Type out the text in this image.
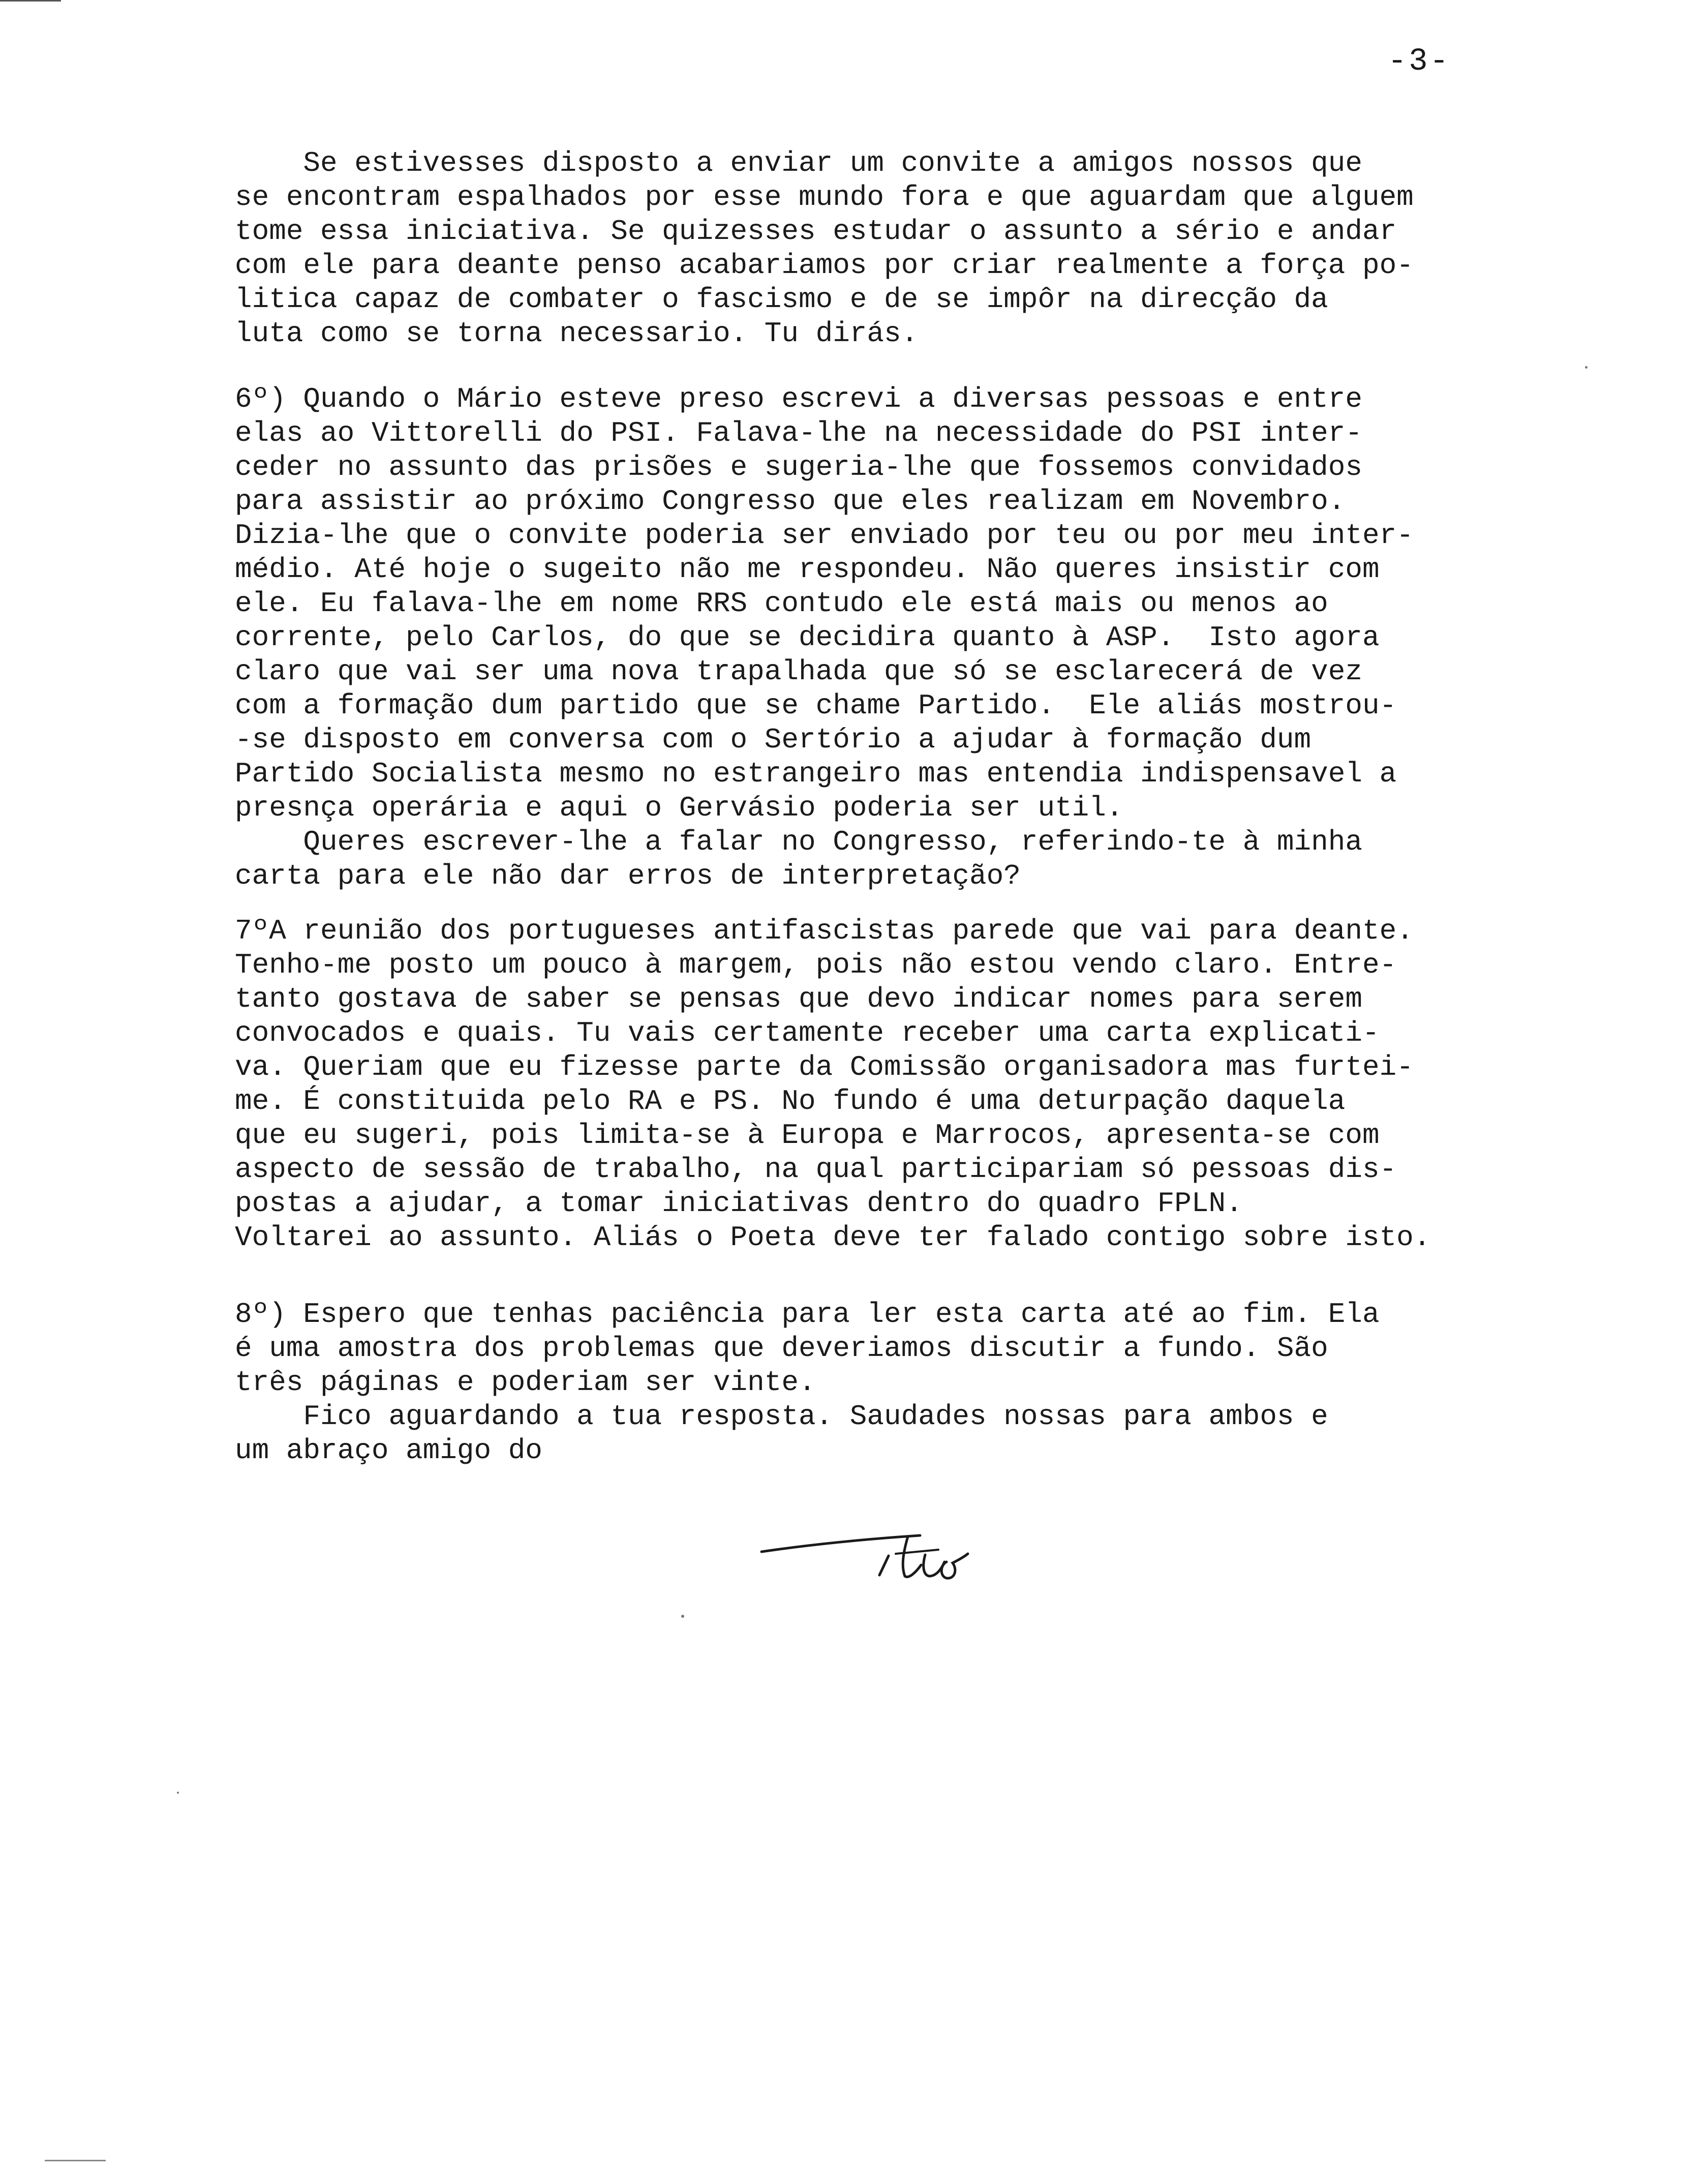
-3-
Se estivesses disposto a enviar um convite a amigos nossos que
se encontram espalhados por esse mundo fora e que aguardam que alguem
tome essa iniciativa. Se quizesses estudar o assunto a sério e andar
com ele para deante penso acabariamos por criar realmente a força po-
litica capaz de combater o fascismo e de se impôr na direcção da
luta como se torna necessario. Tu dirás.
6º) Quando o Mário esteve preso escrevi a diversas pessoas e entre
elas ao Vittorelli do PSI. Falava-lhe na necessidade do PSI inter-
ceder no assunto das prisões e sugeria-lhe que fossemos convidados
para assistir ao próximo Congresso que eles realizam em Novembro.
Dizia-lhe que o convite poderia ser enviado por teu ou por meu inter-
médio. Até hoje o sugeito não me respondeu. Não queres insistir com
ele. Eu falava-lhe em nome RRS contudo ele está mais ou menos ao
corrente, pelo Carlos, do que se decidira quanto à ASP.  Isto agora
claro que vai ser uma nova trapalhada que só se esclarecerá de vez
com a formação dum partido que se chame Partido.  Ele aliás mostrou-
-se disposto em conversa com o Sertório a ajudar à formação dum
Partido Socialista mesmo no estrangeiro mas entendia indispensavel a
presnça operária e aqui o Gervásio poderia ser util.
Queres escrever-lhe a falar no Congresso, referindo-te à minha
carta para ele não dar erros de interpretação?
7ºA reunião dos portugueses antifascistas parede que vai para deante.
Tenho-me posto um pouco à margem, pois não estou vendo claro. Entre-
tanto gostava de saber se pensas que devo indicar nomes para serem
convocados e quais. Tu vais certamente receber uma carta explicati-
va. Queriam que eu fizesse parte da Comissão organisadora mas furtei-
me. É constituida pelo RA e PS. No fundo é uma deturpação daquela
que eu sugeri, pois limita-se à Europa e Marrocos, apresenta-se com
aspecto de sessão de trabalho, na qual participariam só pessoas dis-
postas a ajudar, a tomar iniciativas dentro do quadro FPLN.
Voltarei ao assunto. Aliás o Poeta deve ter falado contigo sobre isto.
8º) Espero que tenhas paciência para ler esta carta até ao fim. Ela
é uma amostra dos problemas que deveriamos discutir a fundo. São
três páginas e poderiam ser vinte.
Fico aguardando a tua resposta. Saudades nossas para ambos e
um abraço amigo do
